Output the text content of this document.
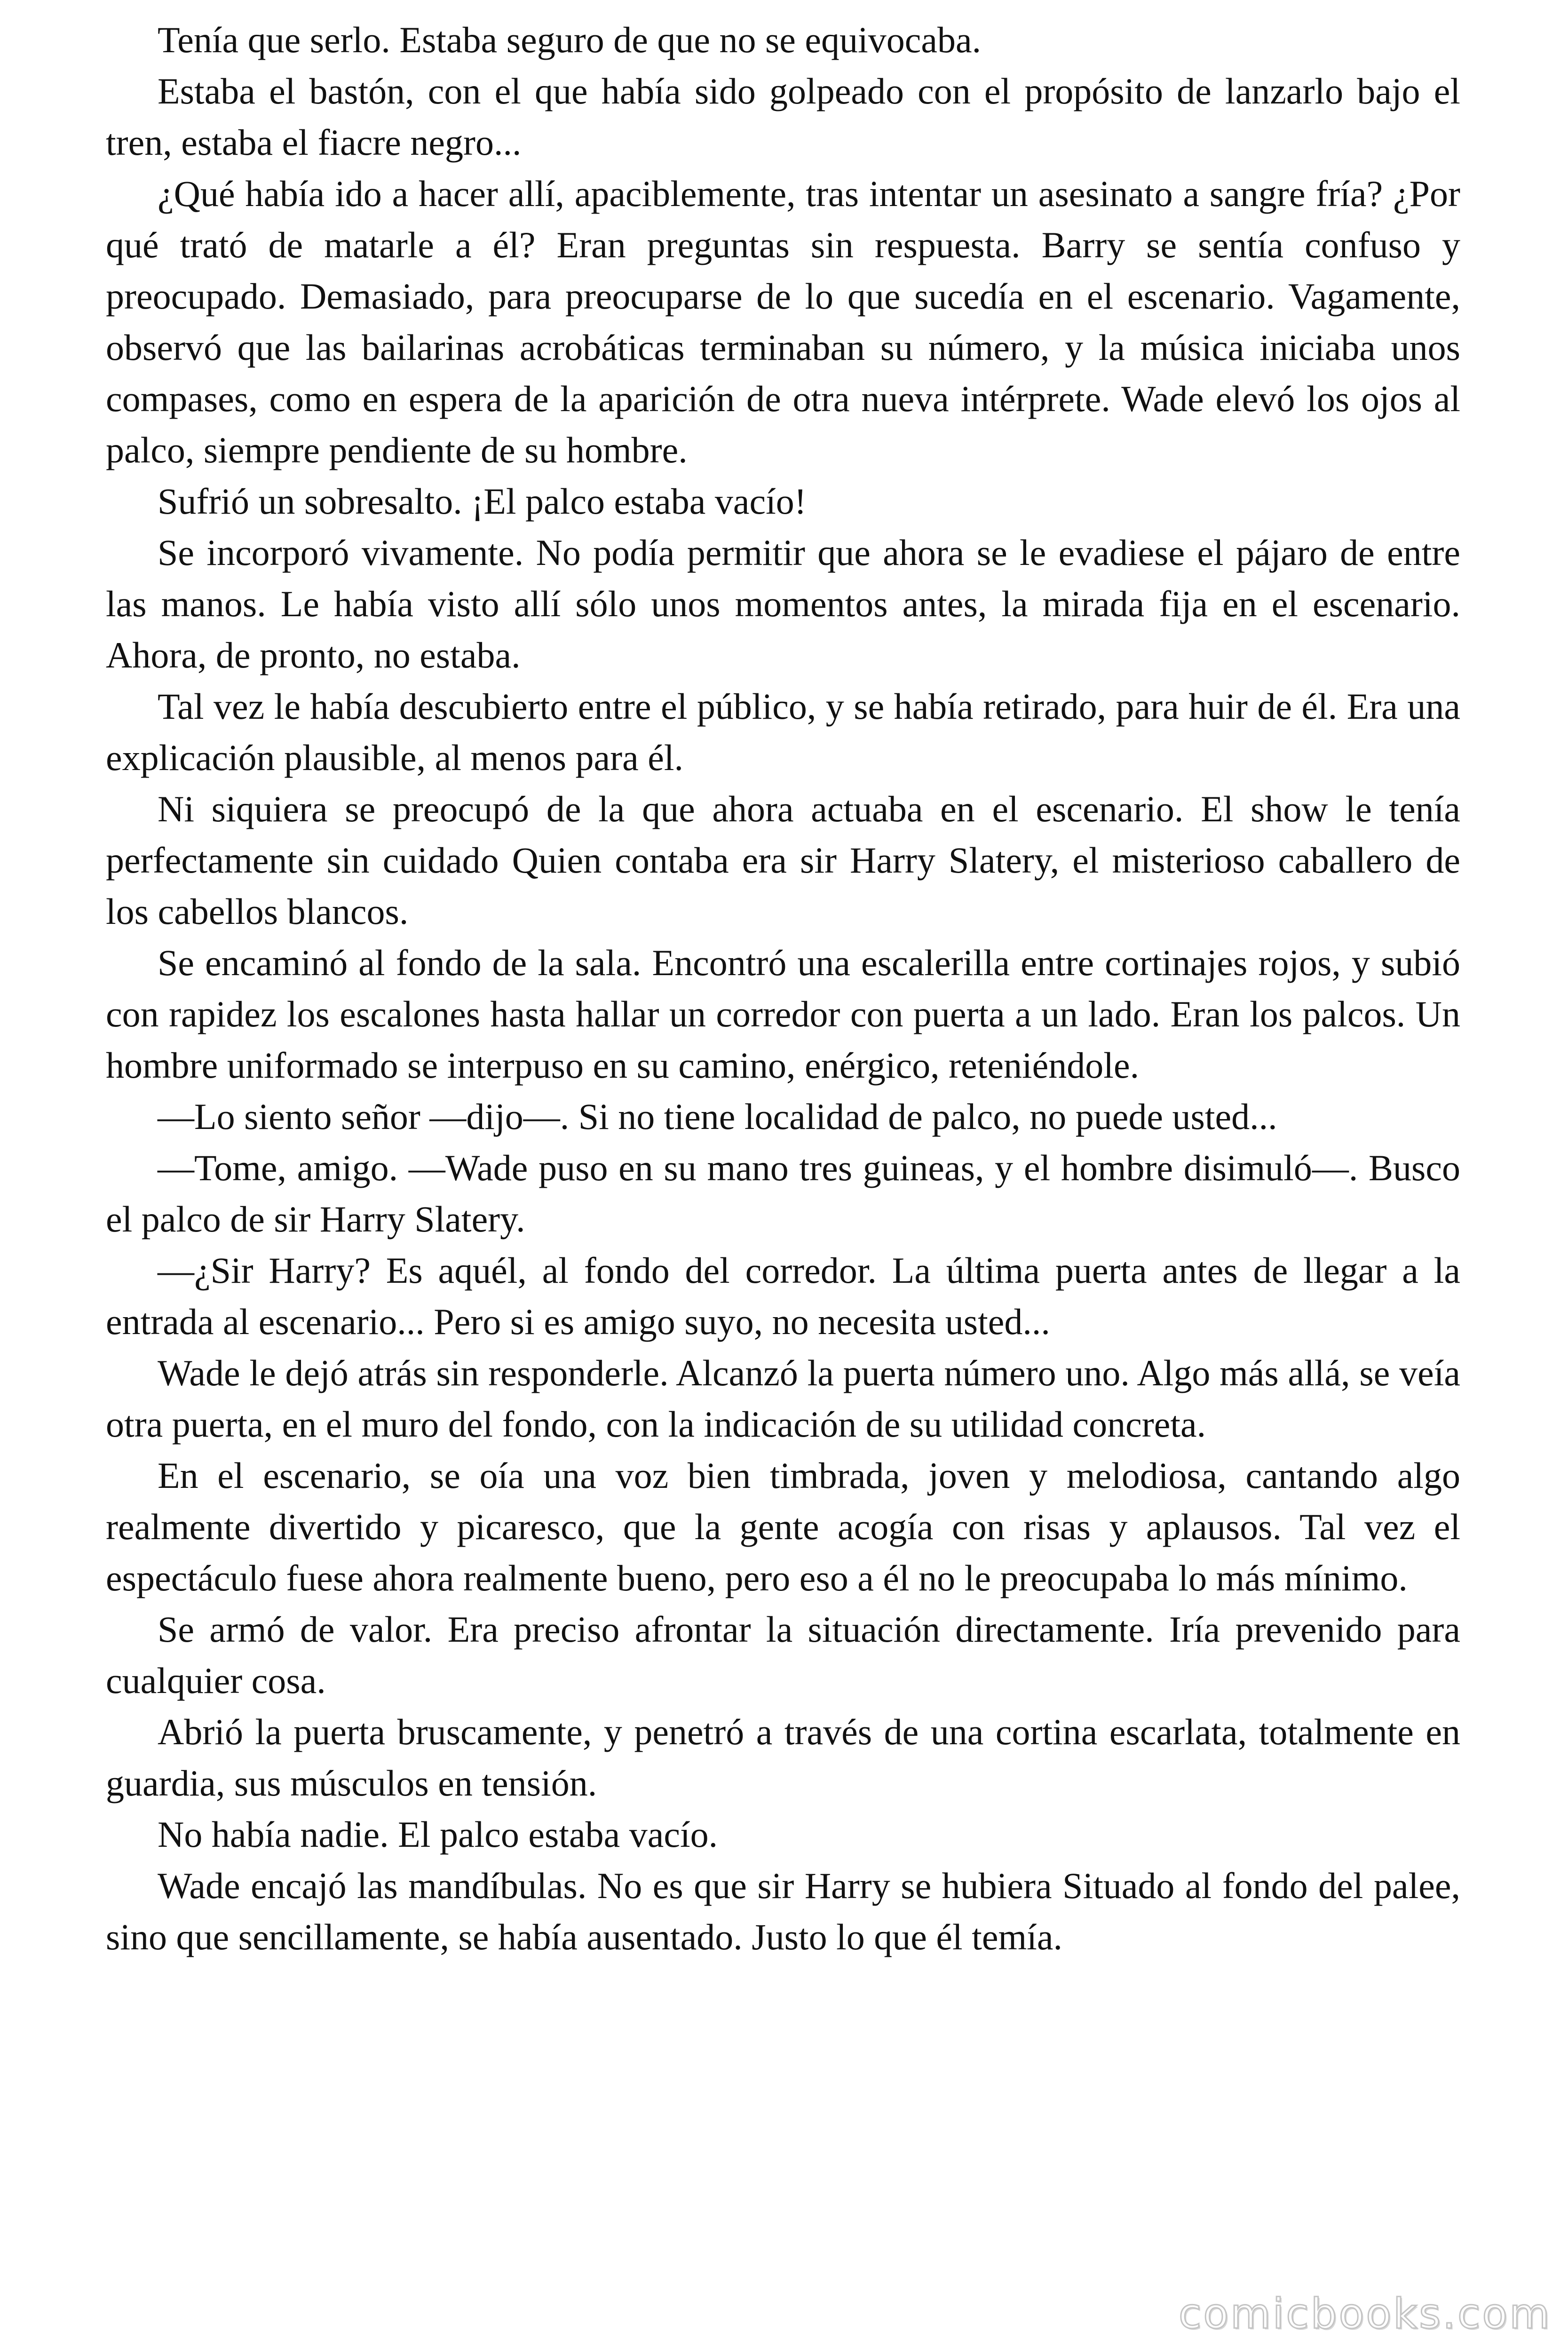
Tenía que serlo. Estaba seguro de que no se equivocaba.

Estaba el bastón, con el que había sido golpeado con el propósito de lanzarlo bajo el tren, estaba el fiacre negro...

¿Qué había ido a hacer allí, apaciblemente, tras intentar un asesinato a sangre fría? ¿Por qué trató de matarle a él? Eran preguntas sin respuesta. Barry se sentía confuso y preocupado. Demasiado, para preocuparse de lo que sucedía en el escenario. Vagamente, observó que las bailarinas acrobáticas terminaban su número, y la música iniciaba unos compases, como en espera de la aparición de otra nueva intérprete. Wade elevó los ojos al palco, siempre pendiente de su hombre.

Sufrió un sobresalto. ¡El palco estaba vacío!

Se incorporó vivamente. No podía permitir que ahora se le evadiese el pájaro de entre las manos. Le había visto allí sólo unos momentos antes, la mirada fija en el escenario. Ahora, de pronto, no estaba.

Tal vez le había descubierto entre el público, y se había retirado, para huir de él. Era una explicación plausible, al menos para él.

Ni siquiera se preocupó de la que ahora actuaba en el escenario. El show le tenía perfectamente sin cuidado Quien contaba era sir Harry Slatery, el misterioso caballero de los cabellos blancos.

Se encaminó al fondo de la sala. Encontró una escalerilla entre cortinajes rojos, y subió con rapidez los escalones hasta hallar un corredor con puerta a un lado. Eran los palcos. Un hombre uniformado se interpuso en su camino, enérgico, reteniéndole.

—Lo siento señor —dijo—. Si no tiene localidad de palco, no puede usted...

—Tome, amigo. —Wade puso en su mano tres guineas, y el hombre disimuló—. Busco el palco de sir Harry Slatery.

—¿Sir Harry? Es aquél, al fondo del corredor. La última puerta antes de llegar a la entrada al escenario... Pero si es amigo suyo, no necesita usted...

Wade le dejó atrás sin responderle. Alcanzó la puerta número uno. Algo más allá, se veía otra puerta, en el muro del fondo, con la indicación de su utilidad concreta.

En el escenario, se oía una voz bien timbrada, joven y melodiosa, cantando algo realmente divertido y picaresco, que la gente acogía con risas y aplausos. Tal vez el espectáculo fuese ahora realmente bueno, pero eso a él no le preocupaba lo más mínimo.

Se armó de valor. Era preciso afrontar la situación directamente. Iría prevenido para cualquier cosa.

Abrió la puerta bruscamente, y penetró a través de una cortina escarlata, totalmente en guardia, sus músculos en tensión.

No había nadie. El palco estaba vacío.

Wade encajó las mandíbulas. No es que sir Harry se hubiera Situado al fondo del palee, sino que sencillamente, se había ausentado. Justo lo que él temía.

comicbooks.com
